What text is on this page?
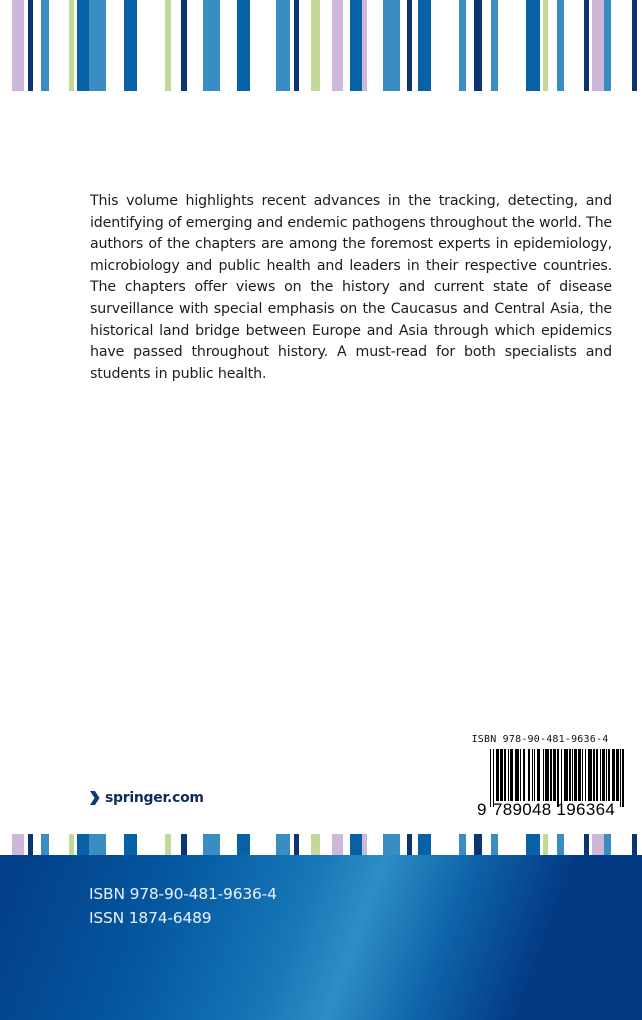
This volume highlights recent advances in the tracking, detecting, and identifying of emerging and endemic pathogens throughout the world. The authors of the chapters are among the foremost experts in epidemiology, microbiology and public health and leaders in their respective countries. The chapters offer views on the history and current state of disease surveillance with special emphasis on the Caucasus and Central Asia, the historical land bridge between Europe and Asia through which epidemics have passed throughout history. A must-read for both specialists and students in public health.
ISBN 978-90-481-9636-4
9 789048 196364
springer.com
ISBN 978-90-481-9636-4
ISSN 1874-6489
